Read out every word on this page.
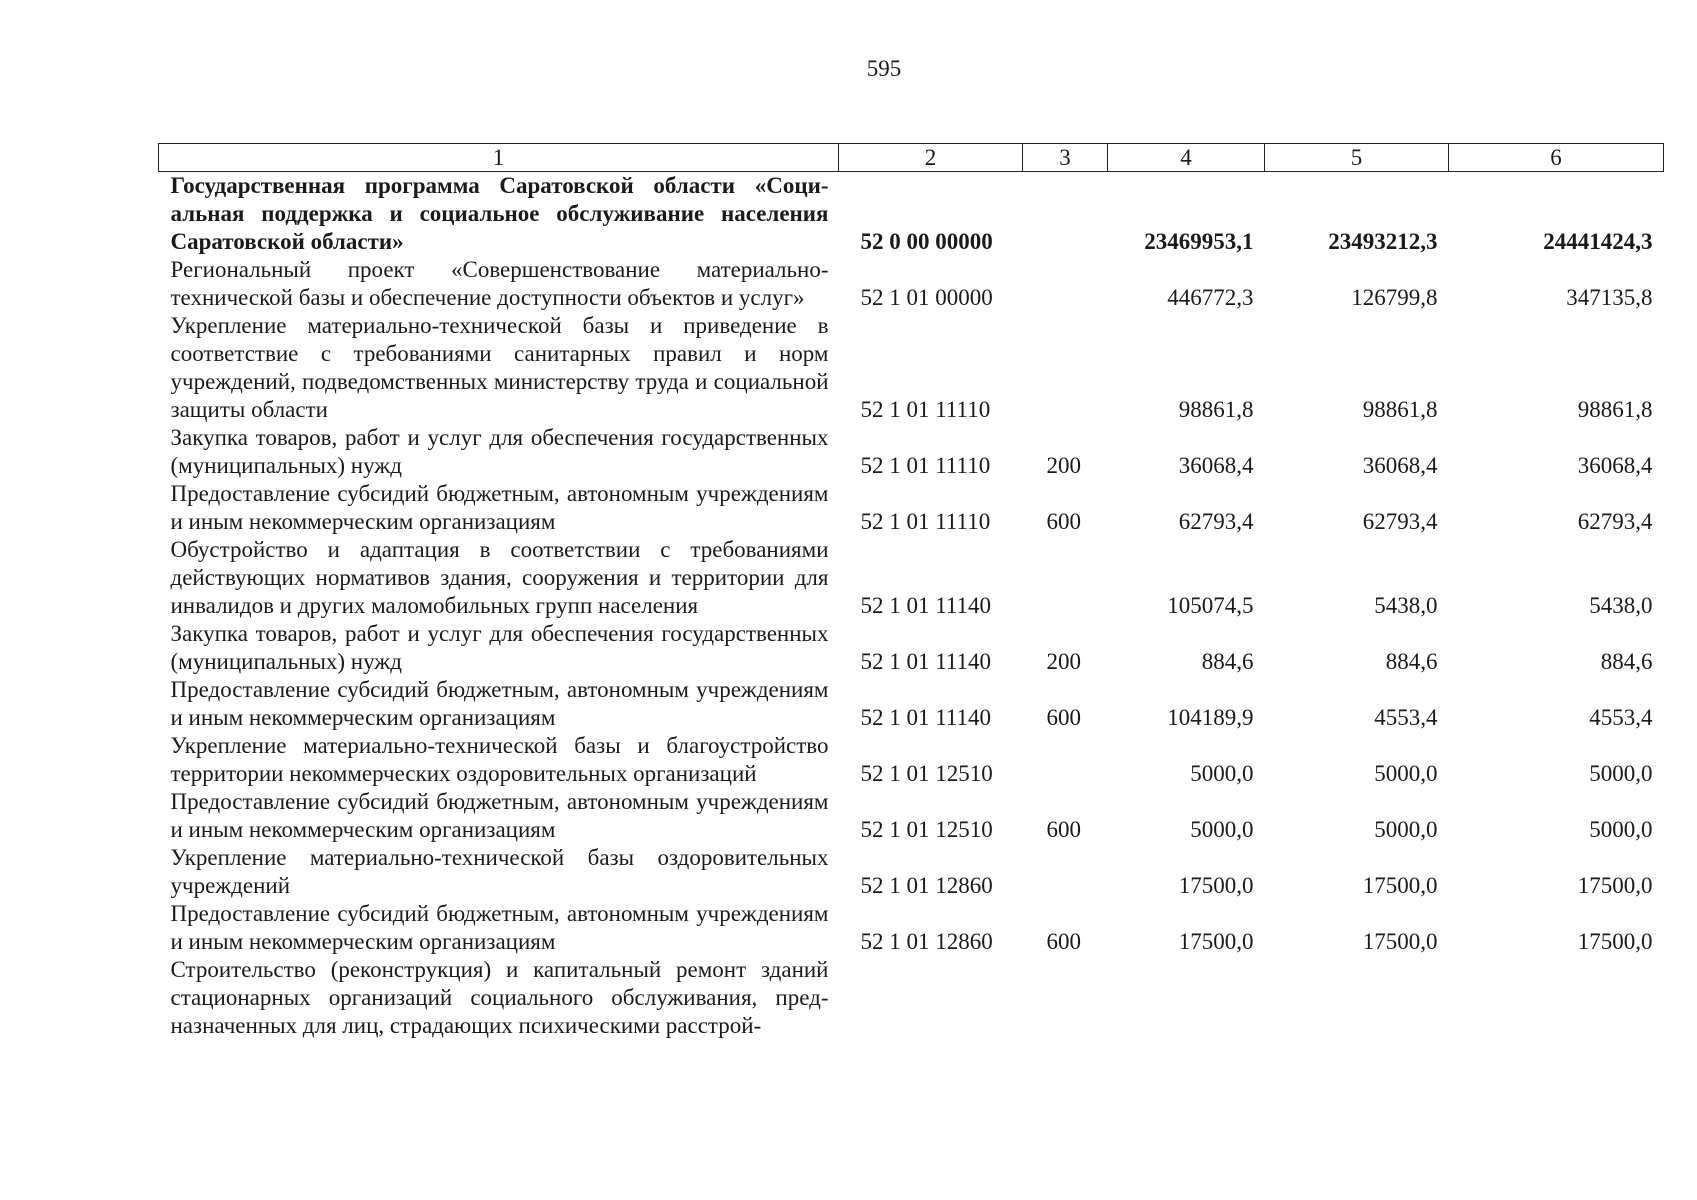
595
1	2	3	4	5	6
Государственная программа Саратовской области «Социальная поддержка и социальное обслуживание населения Саратовской области»	52 0 00 00000		23469953,1	23493212,3	24441424,3
Региональный проект «Совершенствование материально-технической базы и обеспечение доступности объектов и услуг»	52 1 01 00000		446772,3	126799,8	347135,8
Укрепление материально-технической базы и приведение в соответствие с требованиями санитарных правил и норм учреждений, подведомственных министерству труда и социальной защиты области	52 1 01 11110		98861,8	98861,8	98861,8
Закупка товаров, работ и услуг для обеспечения государственных (муниципальных) нужд	52 1 01 11110	200	36068,4	36068,4	36068,4
Предоставление субсидий бюджетным, автономным учреждениям и иным некоммерческим организациям	52 1 01 11110	600	62793,4	62793,4	62793,4
Обустройство и адаптация в соответствии с требованиями действующих нормативов здания, сооружения и территории для инвалидов и других маломобильных групп населения	52 1 01 11140		105074,5	5438,0	5438,0
Закупка товаров, работ и услуг для обеспечения государственных (муниципальных) нужд	52 1 01 11140	200	884,6	884,6	884,6
Предоставление субсидий бюджетным, автономным учреждениям и иным некоммерческим организациям	52 1 01 11140	600	104189,9	4553,4	4553,4
Укрепление материально-технической базы и благоустройство территории некоммерческих оздоровительных организаций	52 1 01 12510		5000,0	5000,0	5000,0
Предоставление субсидий бюджетным, автономным учреждениям и иным некоммерческим организациям	52 1 01 12510	600	5000,0	5000,0	5000,0
Укрепление материально-технической базы оздоровительных учреждений	52 1 01 12860		17500,0	17500,0	17500,0
Предоставление субсидий бюджетным, автономным учреждениям и иным некоммерческим организациям	52 1 01 12860	600	17500,0	17500,0	17500,0
Строительство (реконструкция) и капитальный ремонт зданий стационарных организаций социального обслуживания, предназначенных для лиц, страдающих психическими расстрой-					
